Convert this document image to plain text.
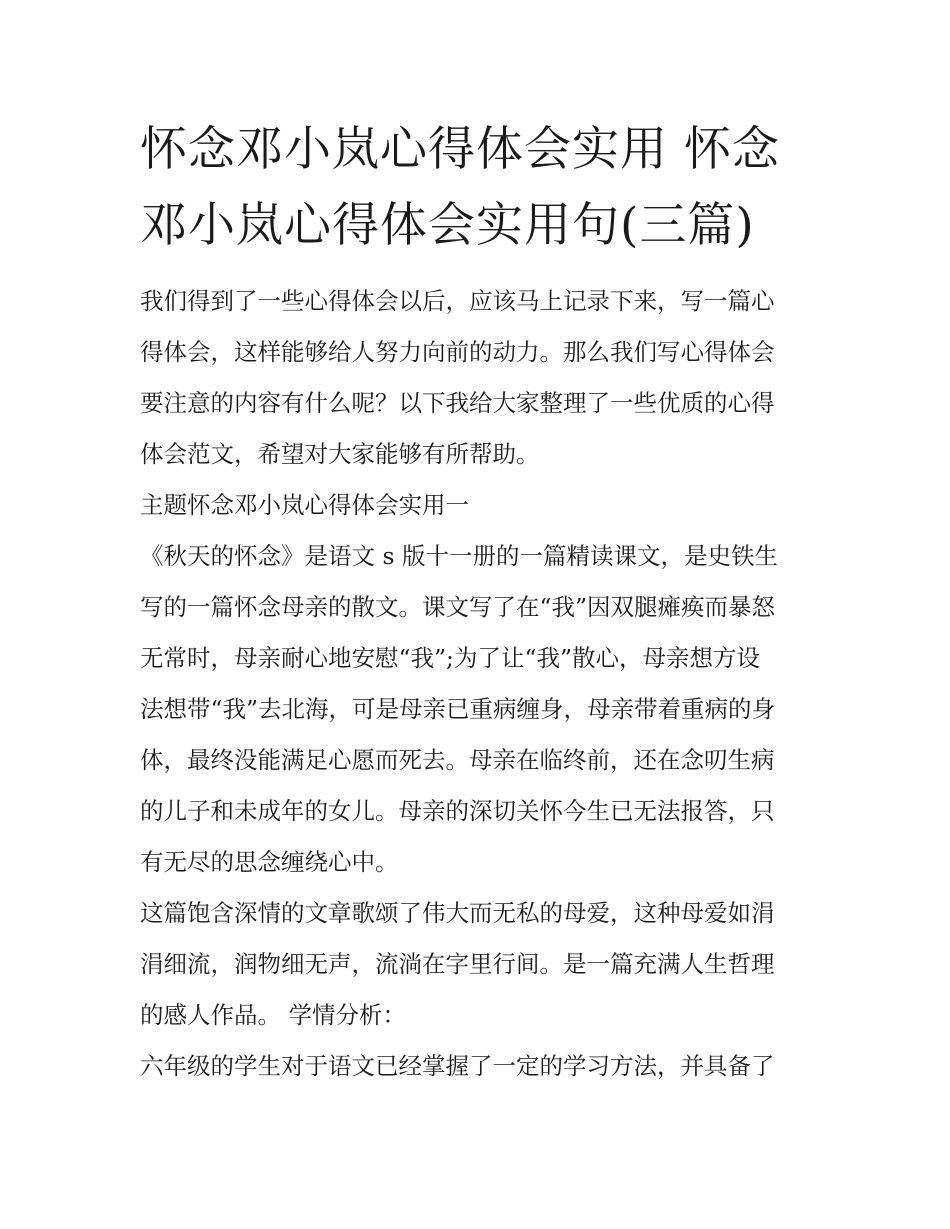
怀念邓小岚心得体会实用 怀念
邓小岚心得体会实用句(三篇)

我们得到了一些心得体会以后，应该马上记录下来，写一篇心
得体会，这样能够给人努力向前的动力。那么我们写心得体会
要注意的内容有什么呢？以下我给大家整理了一些优质的心得
体会范文，希望对大家能够有所帮助。

主题怀念邓小岚心得体会实用一

《秋天的怀念》是语文 s 版十一册的一篇精读课文，是史铁生
写的一篇怀念母亲的散文。课文写了在“我”因双腿瘫痪而暴怒
无常时，母亲耐心地安慰“我”;为了让“我”散心，母亲想方设
法想带“我”去北海，可是母亲已重病缠身，母亲带着重病的身
体，最终没能满足心愿而死去。母亲在临终前，还在念叨生病
的儿子和未成年的女儿。母亲的深切关怀今生已无法报答，只
有无尽的思念缠绕心中。

这篇饱含深情的文章歌颂了伟大而无私的母爱，这种母爱如涓
涓细流，润物细无声，流淌在字里行间。是一篇充满人生哲理
的感人作品。 学情分析：

六年级的学生对于语文已经掌握了一定的学习方法，并具备了
